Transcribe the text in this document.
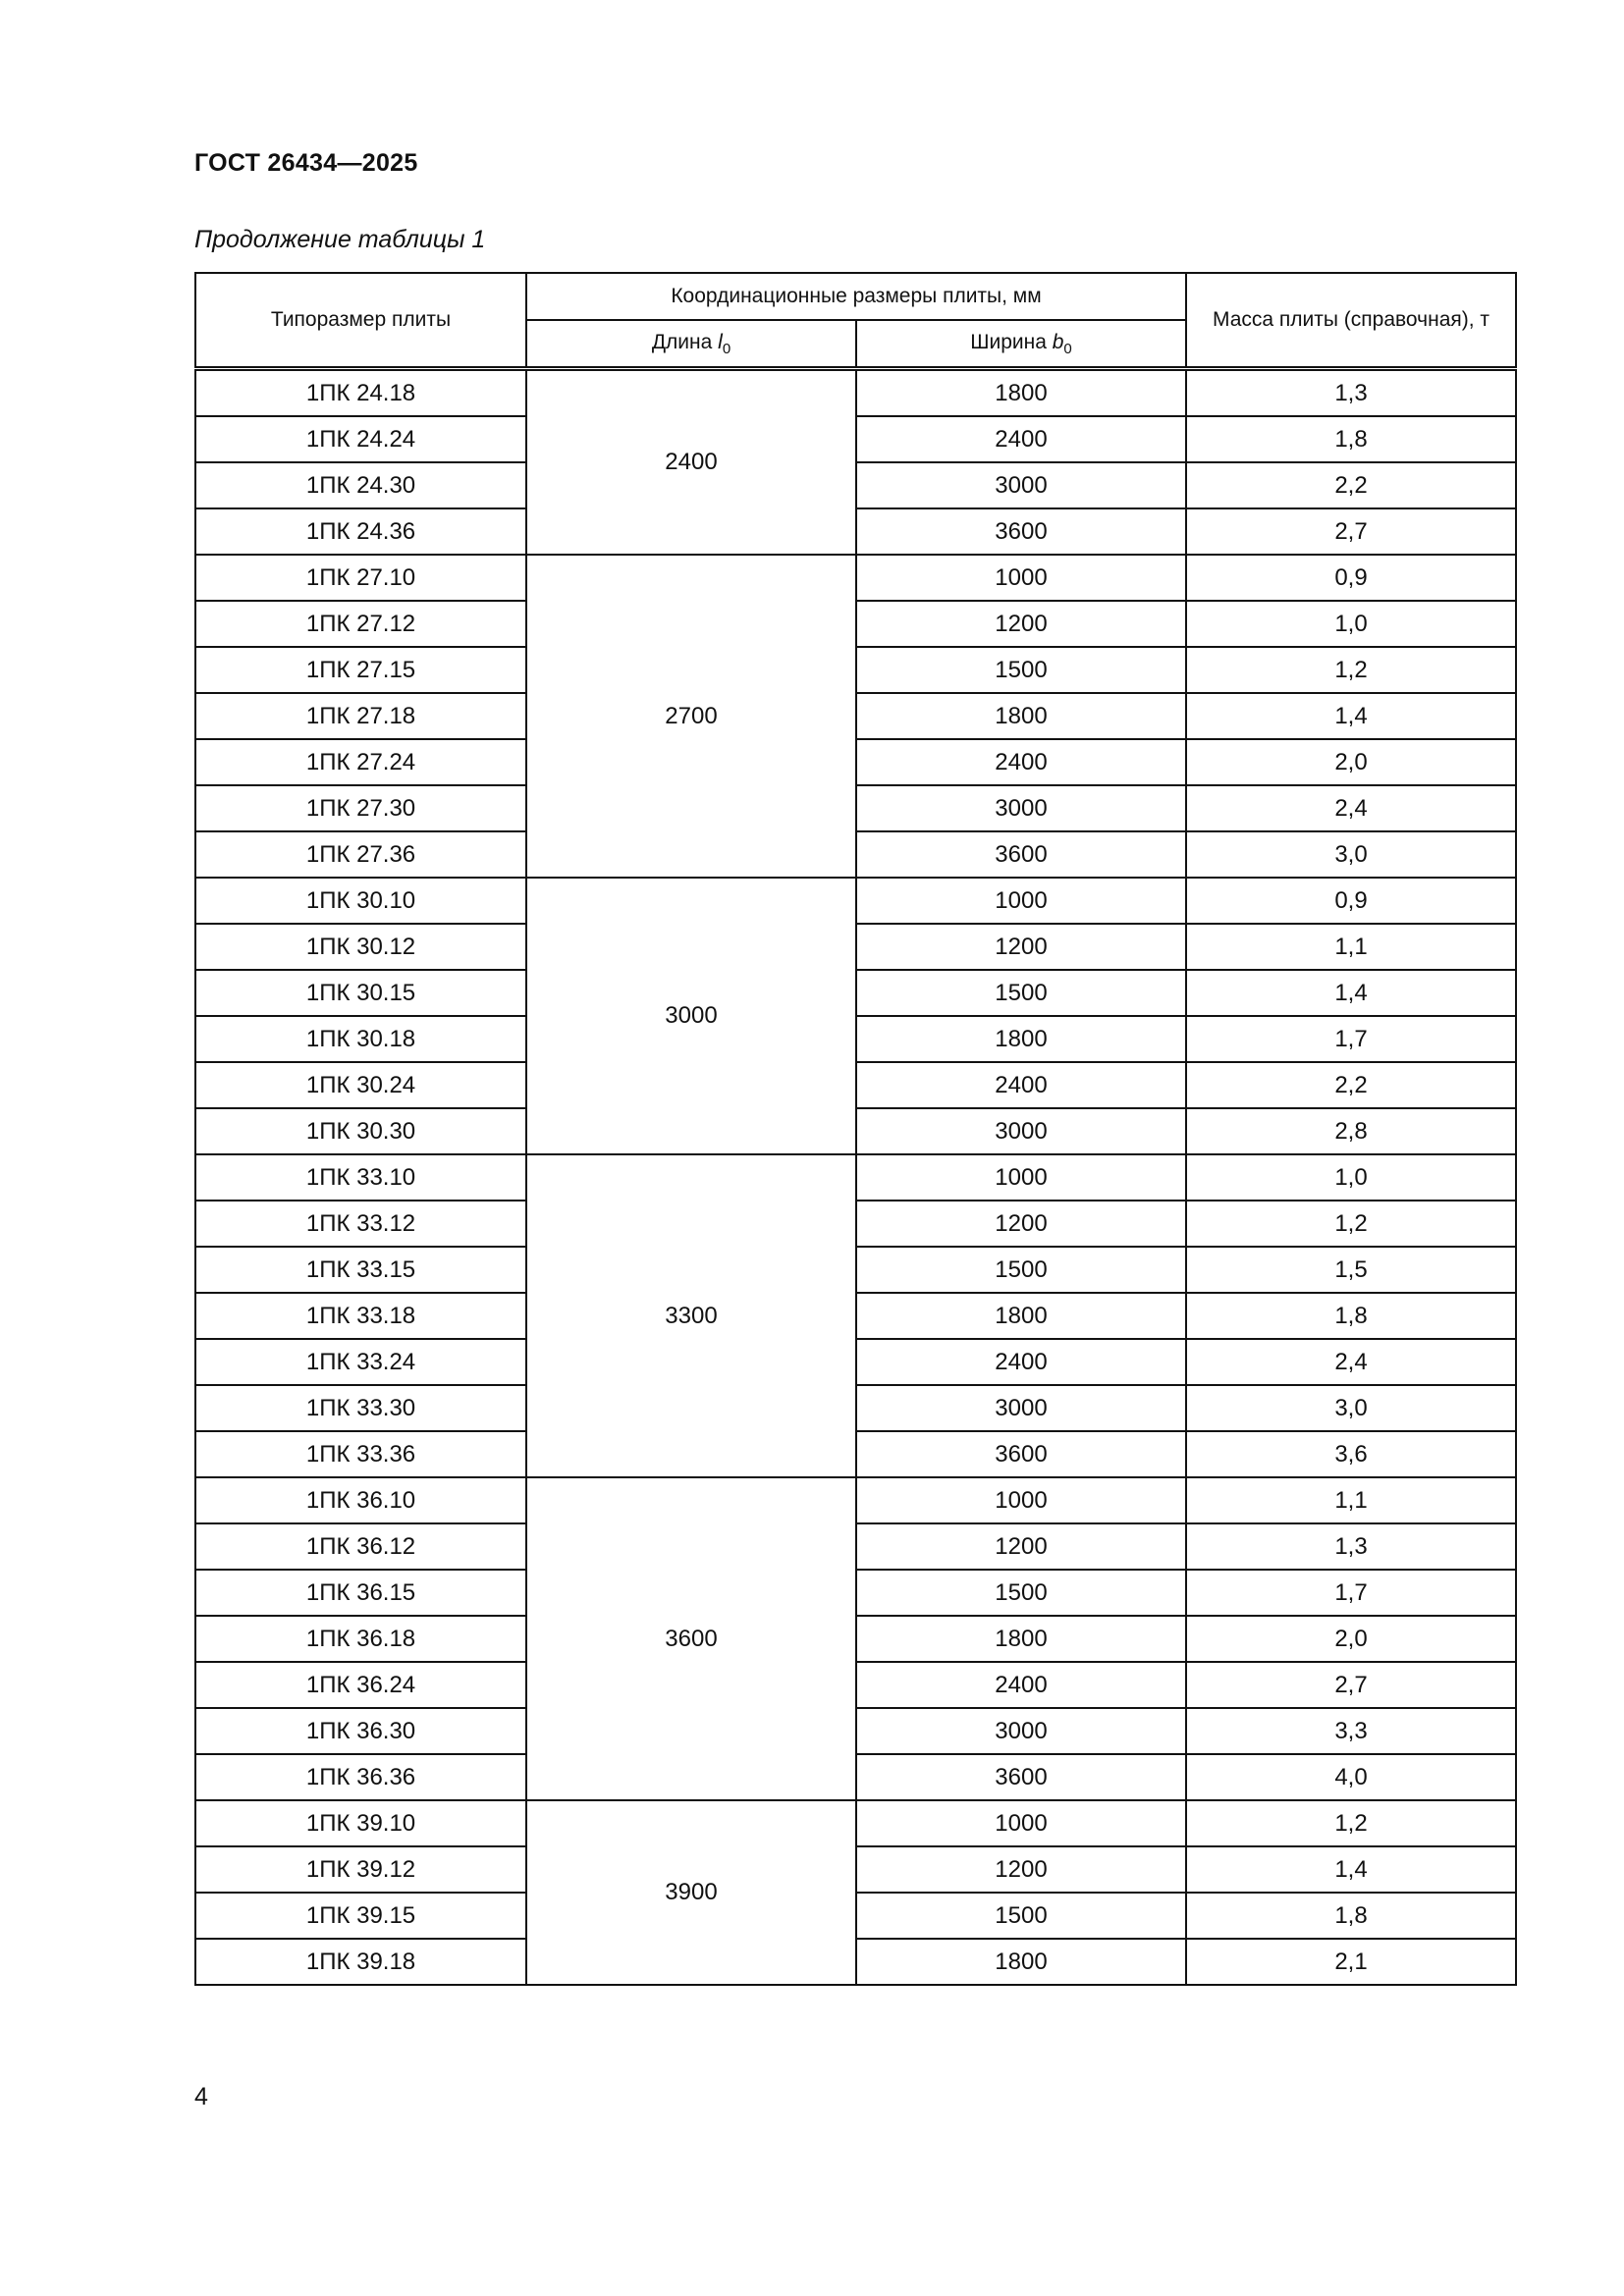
ГОСТ 26434—2025
Продолжение таблицы 1
Типоразмер плиты	Координационные размеры плиты, мм		Масса плиты (справочная), т
	Длина $l_0$	Ширина $b_0$
1ПК 24.18	2400	1800	1,3
1ПК 24.24		2400	1,8
1ПК 24.30		3000	2,2
1ПК 24.36		3600	2,7
1ПК 27.10	2700	1000	0,9
1ПК 27.12		1200	1,0
1ПК 27.15		1500	1,2
1ПК 27.18		1800	1,4
1ПК 27.24		2400	2,0
1ПК 27.30		3000	2,4
1ПК 27.36		3600	3,0
1ПК 30.10	3000	1000	0,9
1ПК 30.12		1200	1,1
1ПК 30.15		1500	1,4
1ПК 30.18		1800	1,7
1ПК 30.24		2400	2,2
1ПК 30.30		3000	2,8
1ПК 33.10	3300	1000	1,0
1ПК 33.12		1200	1,2
1ПК 33.15		1500	1,5
1ПК 33.18		1800	1,8
1ПК 33.24		2400	2,4
1ПК 33.30		3000	3,0
1ПК 33.36		3600	3,6
1ПК 36.10	3600	1000	1,1
1ПК 36.12		1200	1,3
1ПК 36.15		1500	1,7
1ПК 36.18		1800	2,0
1ПК 36.24		2400	2,7
1ПК 36.30		3000	3,3
1ПК 36.36		3600	4,0
1ПК 39.10	3900	1000	1,2
1ПК 39.12		1200	1,4
1ПК 39.15		1500	1,8
1ПК 39.18		1800	2,1
4
